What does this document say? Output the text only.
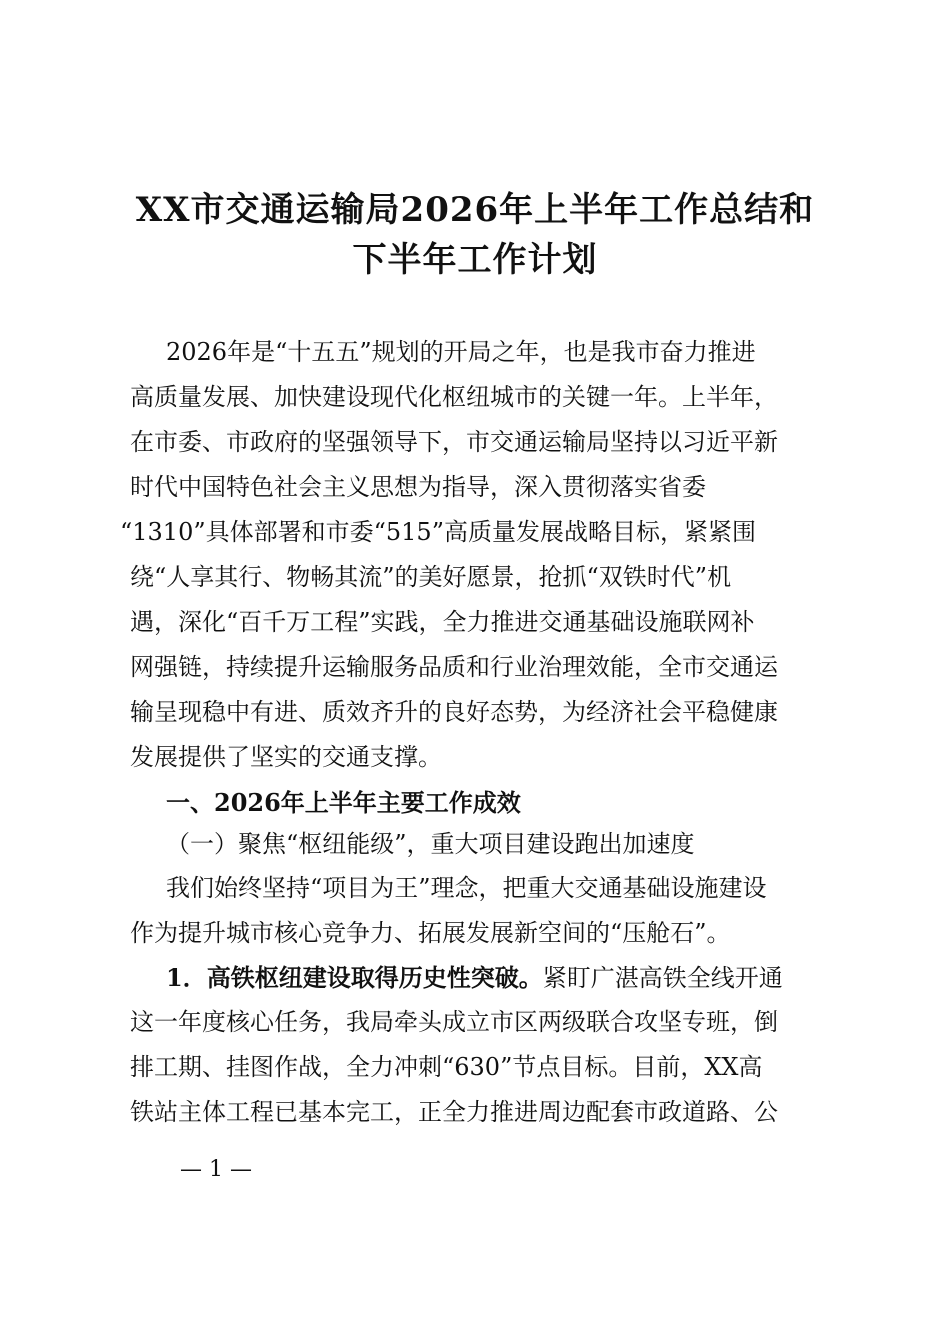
XX市交通运输局2026年上半年工作总结和
下半年工作计划
2026年是“十五五”规划的开局之年，也是我市奋力推进
高质量发展、加快建设现代化枢纽城市的关键一年。上半年，
在市委、市政府的坚强领导下，市交通运输局坚持以习近平新
时代中国特色社会主义思想为指导，深入贯彻落实省委
“1310”具体部署和市委“515”高质量发展战略目标，紧紧围
绕“人享其行、物畅其流”的美好愿景，抢抓“双铁时代”机
遇，深化“百千万工程”实践，全力推进交通基础设施联网补
网强链，持续提升运输服务品质和行业治理效能，全市交通运
输呈现稳中有进、质效齐升的良好态势，为经济社会平稳健康
发展提供了坚实的交通支撑。
一、2026年上半年主要工作成效
（一）聚焦“枢纽能级”，重大项目建设跑出加速度
我们始终坚持“项目为王”理念，把重大交通基础设施建设
作为提升城市核心竞争力、拓展发展新空间的“压舱石”。
1．高铁枢纽建设取得历史性突破。紧盯广湛高铁全线开通
这一年度核心任务，我局牵头成立市区两级联合攻坚专班，倒
排工期、挂图作战，全力冲刺“630”节点目标。目前，XX高
铁站主体工程已基本完工，正全力推进周边配套市政道路、公
— 1 —
